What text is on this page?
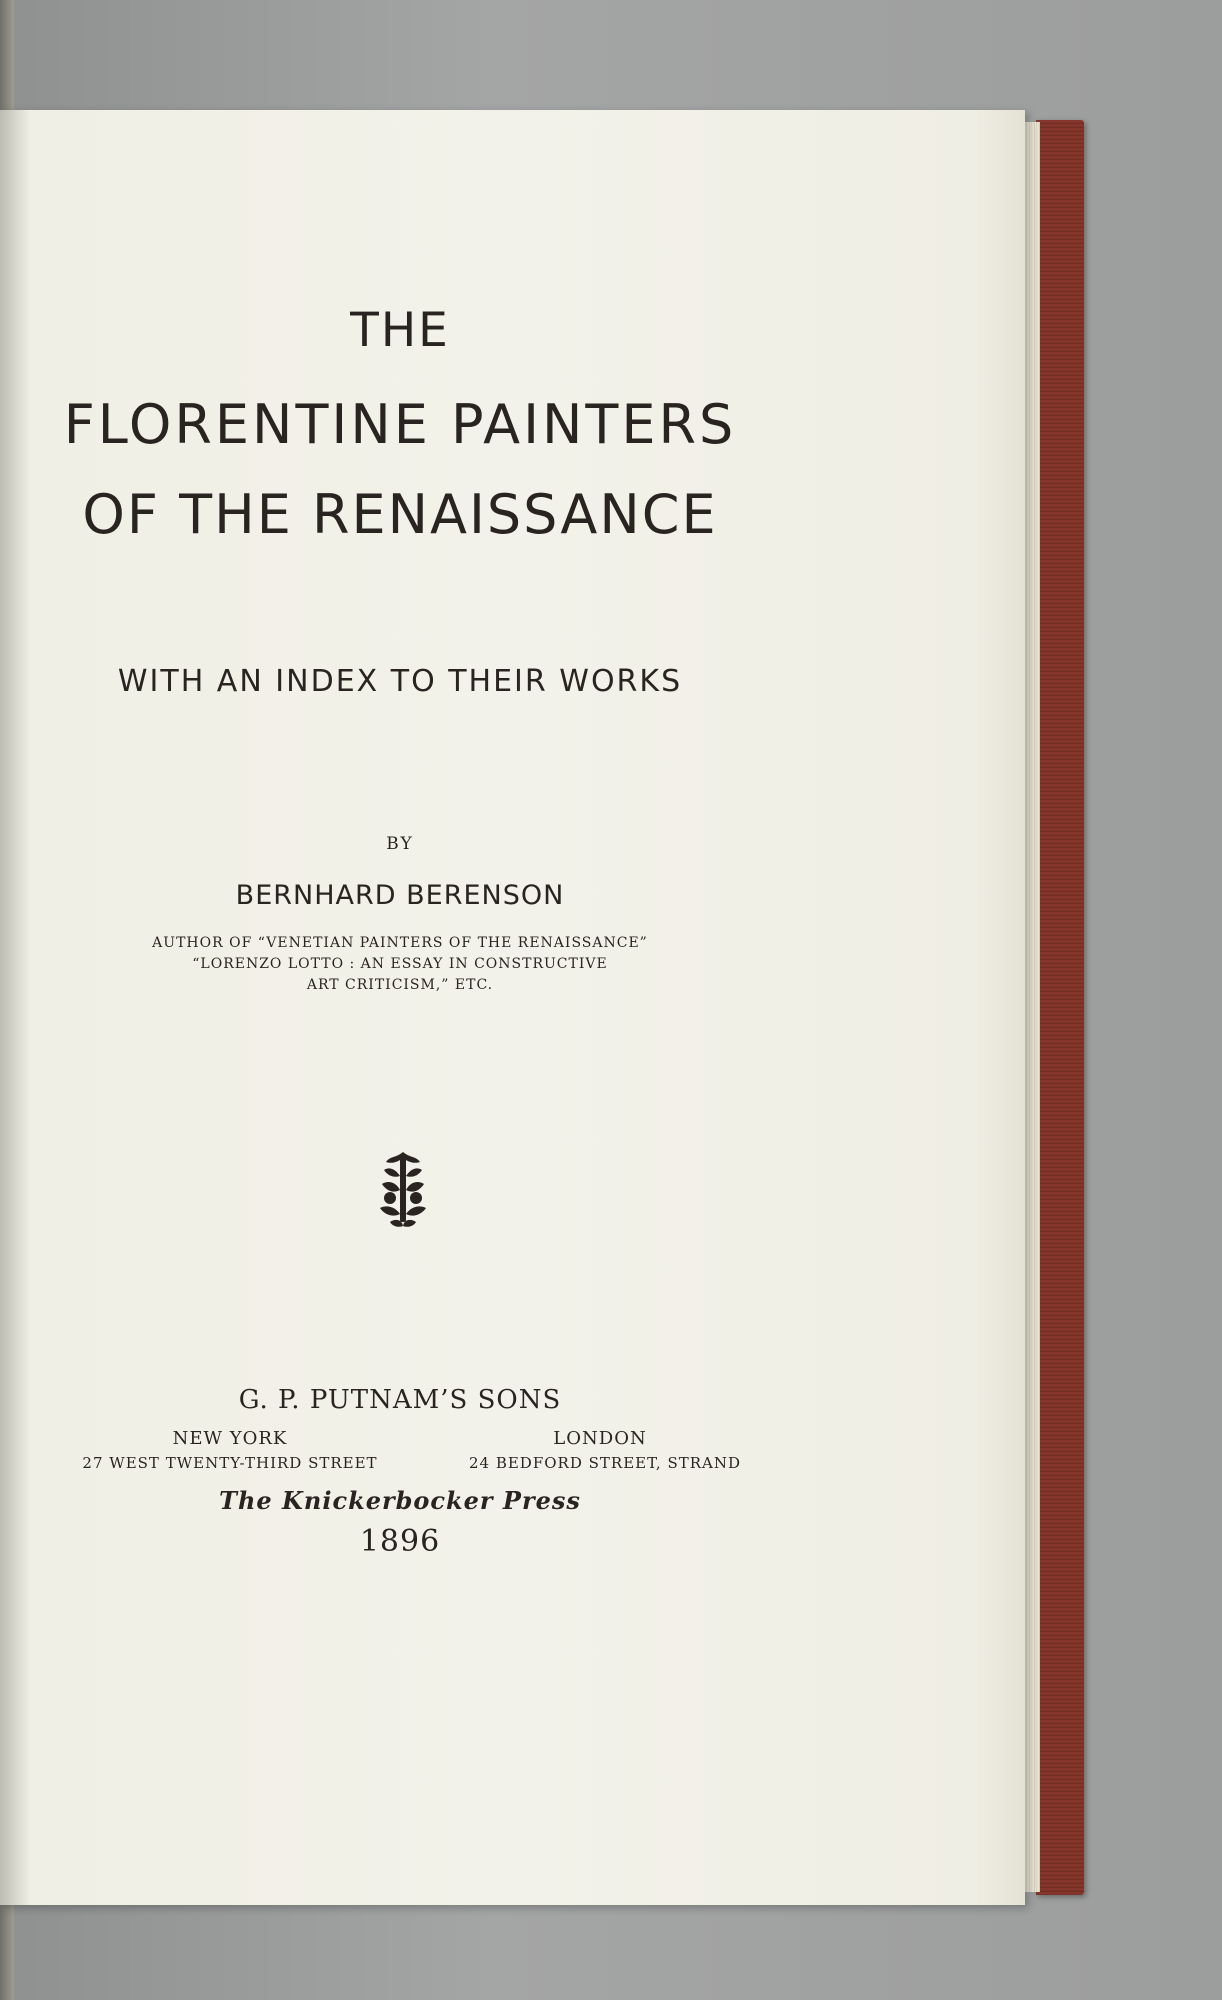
THE
FLORENTINE PAINTERS
OF THE RENAISSANCE
WITH AN INDEX TO THEIR WORKS
BY
BERNHARD BERENSON
AUTHOR OF “VENETIAN PAINTERS OF THE RENAISSANCE”
“LORENZO LOTTO : AN ESSAY IN CONSTRUCTIVE
ART CRITICISM,” ETC.
G. P. PUTNAM’S SONS
NEW YORK
27 WEST TWENTY-THIRD STREET
LONDON
24 BEDFORD STREET, STRAND
The Knickerbocker Press
1896
